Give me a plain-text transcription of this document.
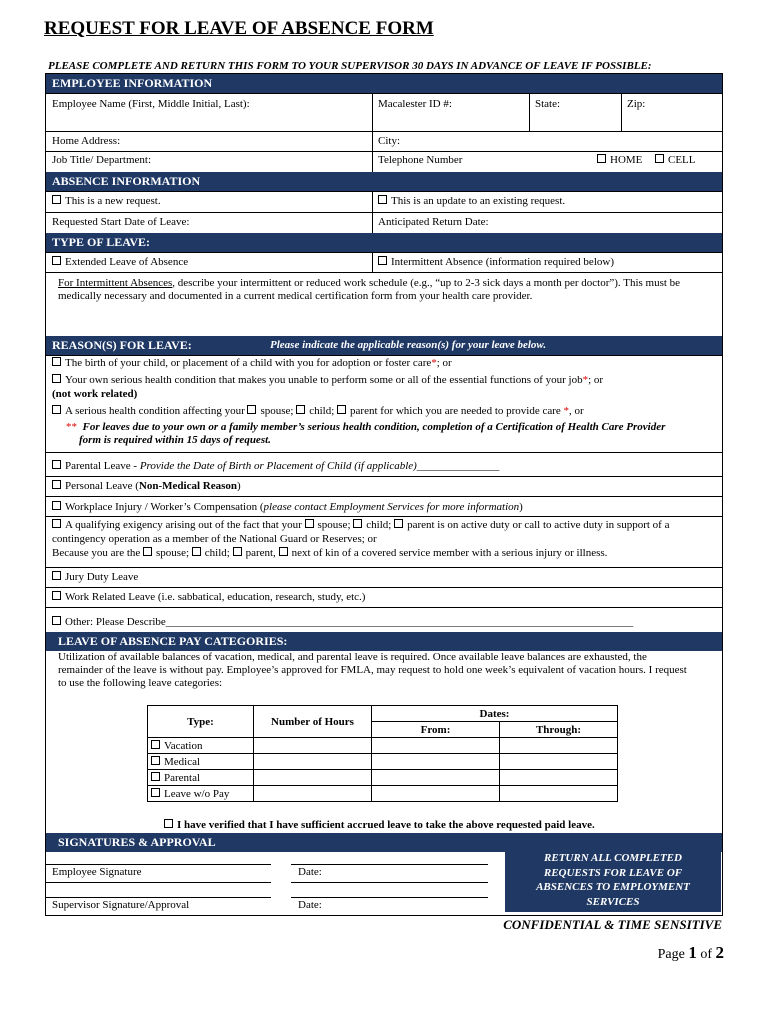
REQUEST FOR LEAVE OF ABSENCE FORM
PLEASE COMPLETE AND RETURN THIS FORM TO YOUR SUPERVISOR 30 DAYS IN ADVANCE OF LEAVE IF POSSIBLE:
EMPLOYEE INFORMATION
Employee Name (First, Middle Initial, Last):	Macalester ID #:	State:	Zip:
Home Address:	City:
Job Title/ Department:	Telephone Number	HOME	CELL
ABSENCE INFORMATION
This is a new request.	This is an update to an existing request.
Requested Start Date of Leave:	Anticipated Return Date:
TYPE OF LEAVE:
Extended Leave of Absence	Intermittent Absence (information required below)
For Intermittent Absences, describe your intermittent or reduced work schedule (e.g., “up to 2-3 sick days a month per doctor”). This must be
medically necessary and documented in a current medical certification form from your health care provider.
REASON(S) FOR LEAVE:	Please indicate the applicable reason(s) for your leave below.
The birth of your child, or placement of a child with you for adoption or foster care*; or
Your own serious health condition that makes you unable to perform some or all of the essential functions of your job*; or
(not work related)
A serious health condition affecting your spouse; child; parent for which you are needed to provide care *, or
** For leaves due to your own or a family member’s serious health condition, completion of a Certification of Health Care Provider
form is required within 15 days of request.
Parental Leave - Provide the Date of Birth or Placement of Child (if applicable)_______________
Personal Leave (Non-Medical Reason)
Workplace Injury / Worker’s Compensation (please contact Employment Services for more information)
A qualifying exigency arising out of the fact that your spouse; child; parent is on active duty or call to active duty in support of a
contingency operation as a member of the National Guard or Reserves; or
Because you are the spouse; child; parent, next of kin of a covered service member with a serious injury or illness.
Jury Duty Leave
Work Related Leave (i.e. sabbatical, education, research, study, etc.)
Other: Please Describe_____________________________________________________________________________________
LEAVE OF ABSENCE PAY CATEGORIES:
Utilization of available balances of vacation, medical, and parental leave is required. Once available leave balances are exhausted, the
remainder of the leave is without pay. Employee’s approved for FMLA, may request to hold one week’s equivalent of vacation hours. I request
to use the following leave categories:
Type:	Number of Hours	Dates:	
		From:	Through:
Vacation			
Medical			
Parental			
Leave w/o Pay			
I have verified that I have sufficient accrued leave to take the above requested paid leave.
SIGNATURES & APPROVAL
Employee Signature	Date:
Supervisor Signature/Approval	Date:
RETURN ALL COMPLETED
REQUESTS FOR LEAVE OF
ABSENCES TO EMPLOYMENT
SERVICES
CONFIDENTIAL & TIME SENSITIVE
Page 1 of 2
